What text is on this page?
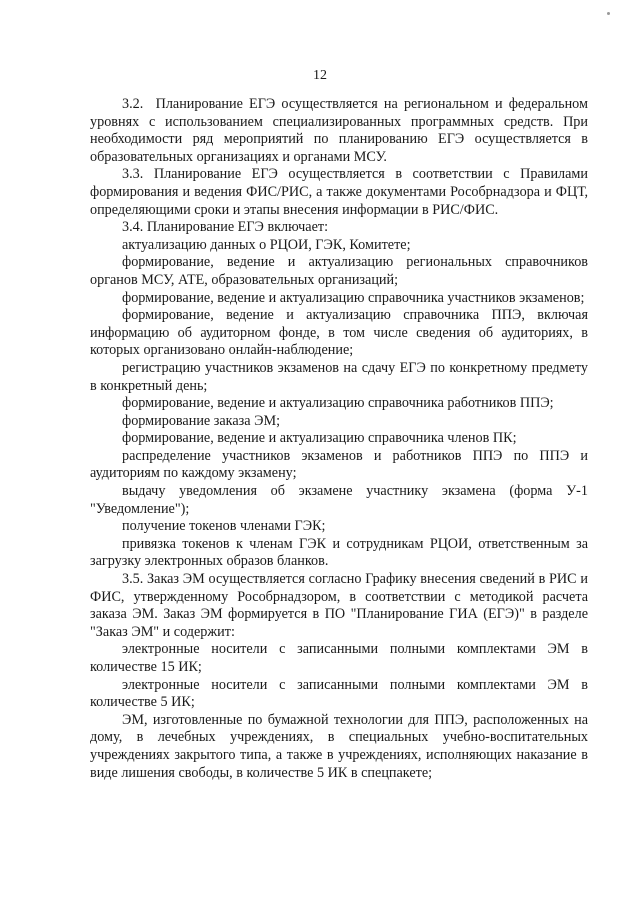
12

3.2.  Планирование ЕГЭ осуществляется на региональном и федеральном уровнях с использованием специализированных программных средств. При необходимости ряд мероприятий по планированию ЕГЭ осуществляется в образовательных организациях и органами МСУ.

3.3. Планирование ЕГЭ осуществляется в соответствии с Правилами формирования и ведения ФИС/РИС, а также документами Рособрнадзора и ФЦТ, определяющими сроки и этапы внесения информации в РИС/ФИС.

3.4. Планирование ЕГЭ включает:

актуализацию данных о РЦОИ, ГЭК, Комитете;

формирование, ведение и актуализацию региональных справочников органов МСУ, АТЕ, образовательных организаций;

формирование, ведение и актуализацию справочника участников экзаменов;

формирование, ведение и актуализацию справочника ППЭ, включая информацию об аудиторном фонде, в том числе сведения об аудиториях, в которых организовано онлайн-наблюдение;

регистрацию участников экзаменов на сдачу ЕГЭ по конкретному предмету в конкретный день;

формирование, ведение и актуализацию справочника работников ППЭ;

формирование заказа ЭМ;

формирование, ведение и актуализацию справочника членов ПК;

распределение участников экзаменов и работников ППЭ по ППЭ и аудиториям по каждому экзамену;

выдачу уведомления об экзамене участнику экзамена (форма У-1 "Уведомление");

получение токенов членами ГЭК;

привязка токенов к членам ГЭК и сотрудникам РЦОИ, ответственным за загрузку электронных образов бланков.

3.5. Заказ ЭМ осуществляется согласно Графику внесения сведений в РИС и ФИС, утвержденному Рособрнадзором, в соответствии с методикой расчета заказа ЭМ. Заказ ЭМ формируется в ПО "Планирование ГИА (ЕГЭ)" в разделе "Заказ ЭМ" и содержит:

электронные носители с записанными полными комплектами ЭМ в количестве 15 ИК;

электронные носители с записанными полными комплектами ЭМ в количестве 5 ИК;

ЭМ, изготовленные по бумажной технологии для ППЭ, расположенных на дому, в лечебных учреждениях, в специальных учебно-воспитательных учреждениях закрытого типа, а также в учреждениях, исполняющих наказание в виде лишения свободы, в количестве 5 ИК в спецпакете;
